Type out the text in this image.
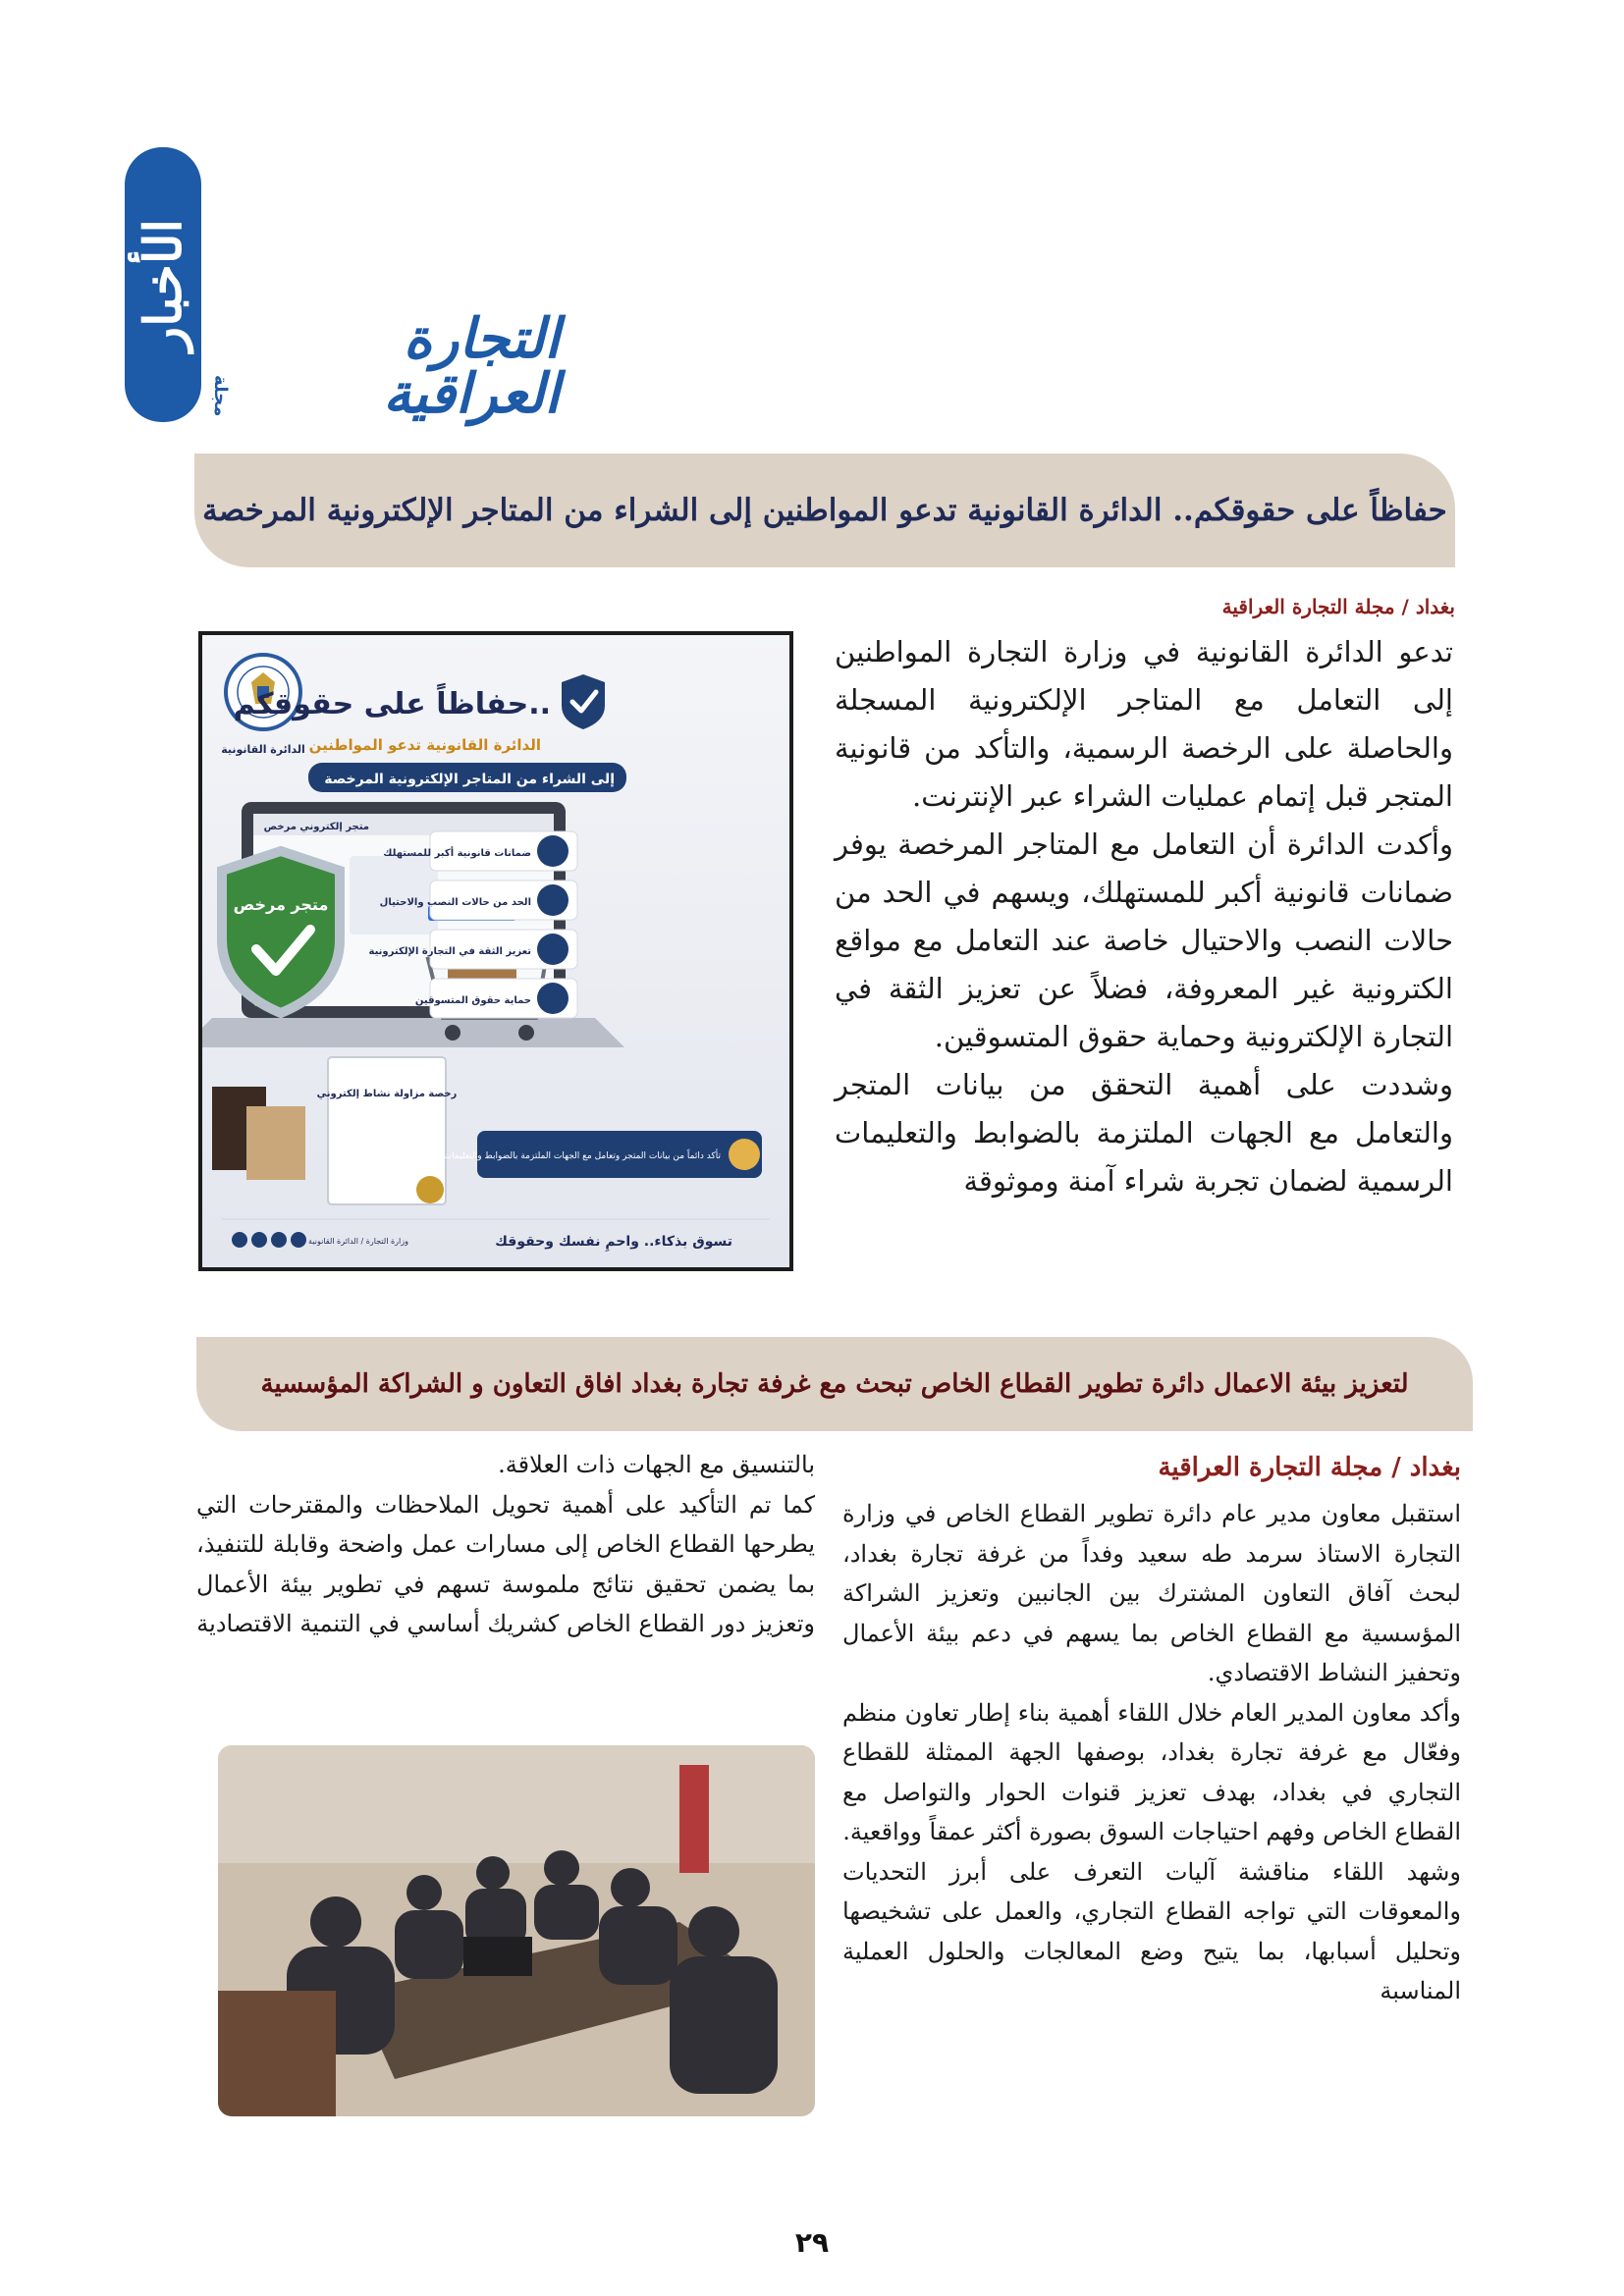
الأخبار	التجارة العراقية
مجلة
حفاظاً على حقوقكم.. الدائرة القانونية تدعو المواطنين إلى الشراء من المتاجر الإلكترونية المرخصة
بغداد / مجلة التجارة العراقية

تدعو الدائرة القانونية في وزارة التجارة المواطنين إلى التعامل مع المتاجر الإلكترونية المسجلة والحاصلة على الرخصة الرسمية، والتأكد من قانونية المتجر قبل إتمام عمليات الشراء عبر الإنترنت.

وأكدت الدائرة أن التعامل مع المتاجر المرخصة يوفر ضمانات قانونية أكبر للمستهلك، ويسهم في الحد من حالات النصب والاحتيال خاصة عند التعامل مع مواقع الكترونية غير المعروفة، فضلاً عن تعزيز الثقة في التجارة الإلكترونية وحماية حقوق المتسوقين.

وشددت على أهمية التحقق من بيانات المتجر والتعامل مع الجهات الملتزمة بالضوابط والتعليمات الرسمية لضمان تجربة شراء آمنة وموثوقة

الدائرة القانونية
حفاظاً على حقوقكم..
الدائرة القانونية تدعو المواطنين
إلى الشراء من المتاجر الإلكترونية المرخصة
متجر إلكتروني مرخص
متجر مرخص
رخصة مزاولة نشاط إلكتروني
ضمانات قانونية أكبر للمستهلك
الحد من حالات النصب والاحتيال
تعزيز الثقة في التجارة الإلكترونية
حماية حقوق المتسوقين
تأكد دائماً من بيانات المتجر وتعامل مع الجهات الملتزمة بالضوابط والتعليمات الرسمية
تسوق بذكاء.. واحمِ نفسك وحقوقك
وزارة التجارة / الدائرة القانونية
لتعزيز بيئة الاعمال دائرة تطوير القطاع الخاص تبحث مع غرفة تجارة بغداد افاق التعاون و الشراكة المؤسسية
بغداد / مجلة التجارة العراقية

استقبل معاون مدير عام دائرة تطوير القطاع الخاص في وزارة التجارة الاستاذ سرمد طه سعيد وفداً من غرفة تجارة بغداد، لبحث آفاق التعاون المشترك بين الجانبين وتعزيز الشراكة المؤسسية مع القطاع الخاص بما يسهم في دعم بيئة الأعمال وتحفيز النشاط الاقتصادي.

وأكد معاون المدير العام خلال اللقاء أهمية بناء إطار تعاون منظم وفعّال مع غرفة تجارة بغداد، بوصفها الجهة الممثلة للقطاع التجاري في بغداد، بهدف تعزيز قنوات الحوار والتواصل مع القطاع الخاص وفهم احتياجات السوق بصورة أكثر عمقاً وواقعية.

وشهد اللقاء مناقشة آليات التعرف على أبرز التحديات والمعوقات التي تواجه القطاع التجاري، والعمل على تشخيصها وتحليل أسبابها، بما يتيح وضع المعالجات والحلول العملية المناسبة

بالتنسيق مع الجهات ذات العلاقة.

كما تم التأكيد على أهمية تحويل الملاحظات والمقترحات التي يطرحها القطاع الخاص إلى مسارات عمل واضحة وقابلة للتنفيذ، بما يضمن تحقيق نتائج ملموسة تسهم في تطوير بيئة الأعمال وتعزيز دور القطاع الخاص كشريك أساسي في التنمية الاقتصادية

٢٩
